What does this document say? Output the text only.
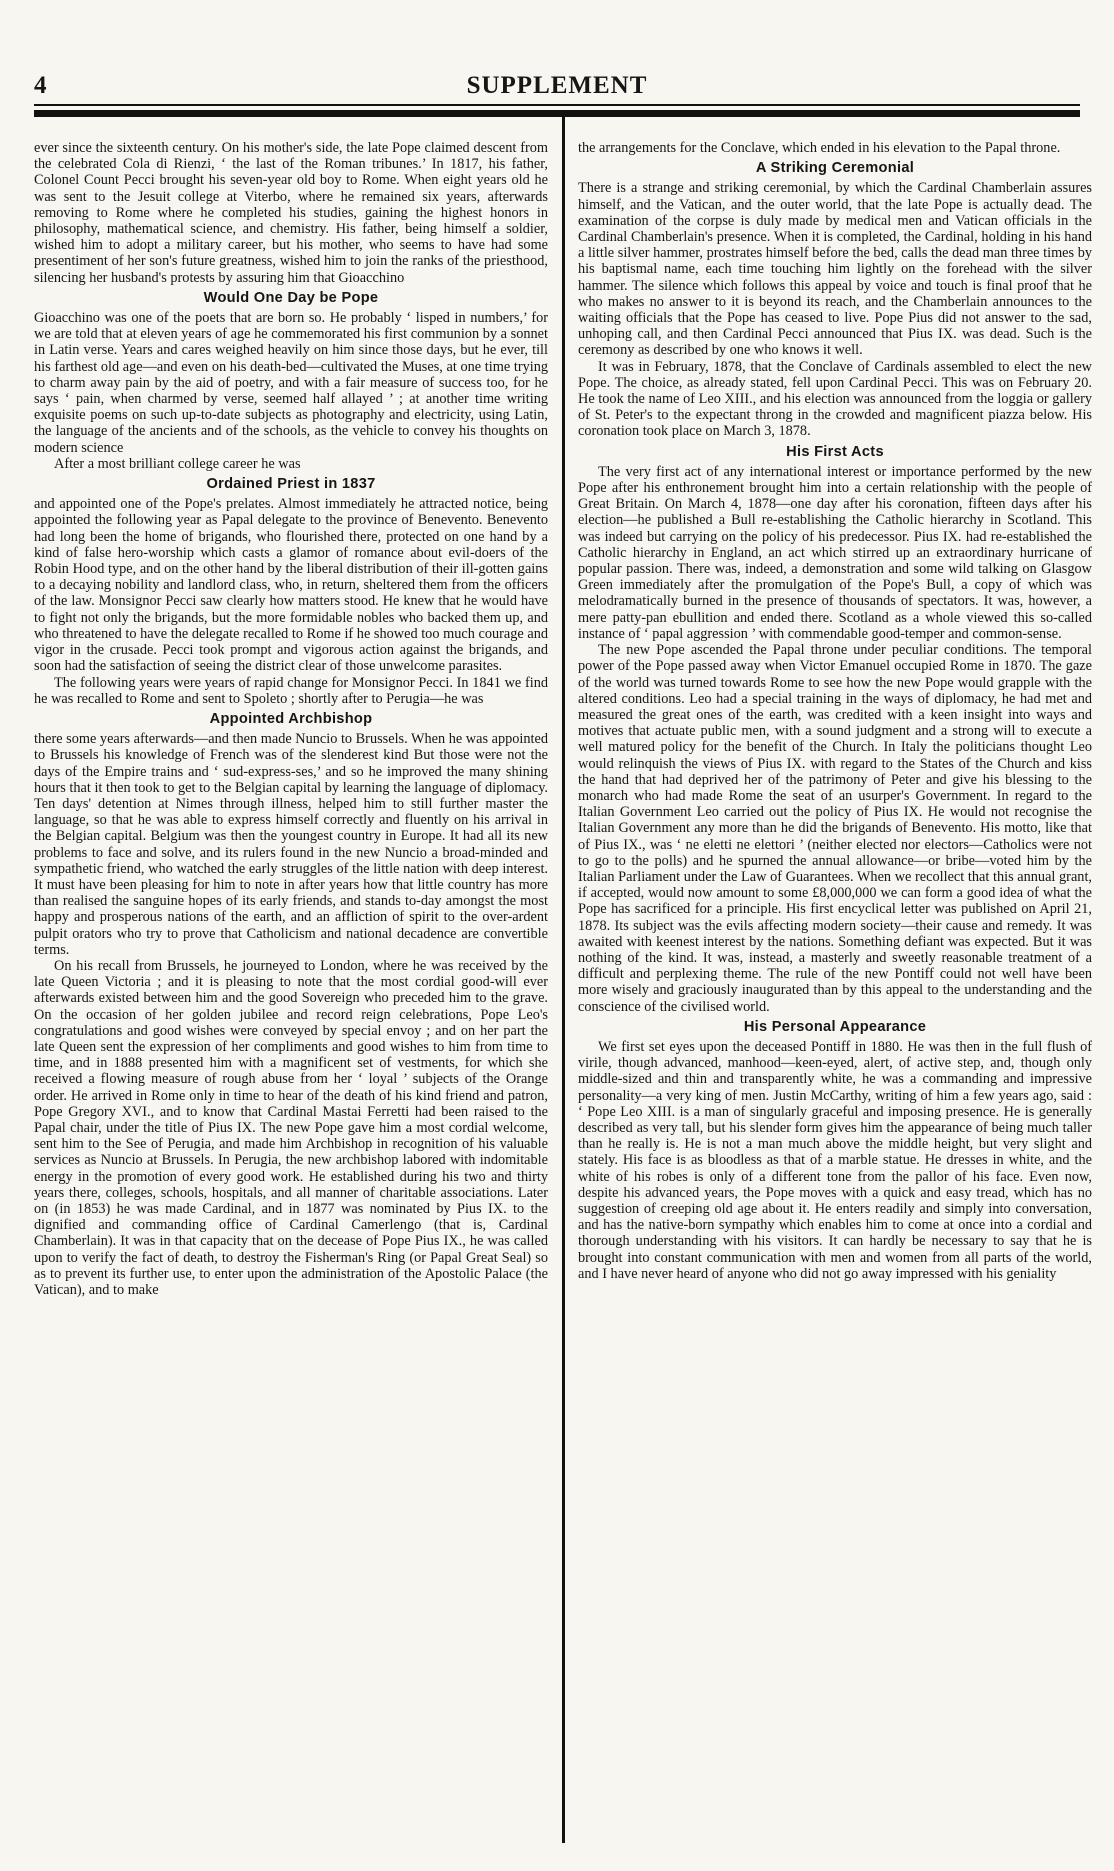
4	SUPPLEMENT

ever since the sixteenth century. On his mother's side, the late Pope claimed descent from the celebrated Cola di Rienzi, ‘ the last of the Roman tribunes.’ In 1817, his father, Colonel Count Pecci brought his seven-year old boy to Rome. When eight years old he was sent to the Jesuit college at Viterbo, where he remained six years, afterwards removing to Rome where he completed his studies, gaining the highest honors in philosophy, mathematical science, and chemistry. His father, being himself a soldier, wished him to adopt a military career, but his mother, who seems to have had some presentiment of her son's future greatness, wished him to join the ranks of the priesthood, silencing her husband's protests by assuring him that Gioacchino

Would One Day be Pope

Gioacchino was one of the poets that are born so. He probably ‘ lisped in numbers,’ for we are told that at eleven years of age he commemorated his first communion by a sonnet in Latin verse. Years and cares weighed heavily on him since those days, but he ever, till his farthest old age—and even on his death-bed—cultivated the Muses, at one time trying to charm away pain by the aid of poetry, and with a fair measure of success too, for he says ‘ pain, when charmed by verse, seemed half allayed ’ ; at another time writing exquisite poems on such up-to-date subjects as photography and electricity, using Latin, the language of the ancients and of the schools, as the vehicle to convey his thoughts on modern science

After a most brilliant college career he was

Ordained Priest in 1837

and appointed one of the Pope's prelates. Almost immediately he attracted notice, being appointed the following year as Papal delegate to the province of Benevento. Benevento had long been the home of brigands, who flourished there, protected on one hand by a kind of false hero-worship which casts a glamor of romance about evil-doers of the Robin Hood type, and on the other hand by the liberal distribution of their ill-gotten gains to a decaying nobility and landlord class, who, in return, sheltered them from the officers of the law. Monsignor Pecci saw clearly how matters stood. He knew that he would have to fight not only the brigands, but the more formidable nobles who backed them up, and who threatened to have the delegate recalled to Rome if he showed too much courage and vigor in the crusade. Pecci took prompt and vigorous action against the brigands, and soon had the satisfaction of seeing the district clear of those unwelcome parasites.

The following years were years of rapid change for Monsignor Pecci. In 1841 we find he was recalled to Rome and sent to Spoleto ; shortly after to Perugia—he was

Appointed Archbishop

there some years afterwards—and then made Nuncio to Brussels. When he was appointed to Brussels his knowledge of French was of the slenderest kind But those were not the days of the Empire trains and ‘ sud-express-ses,’ and so he improved the many shining hours that it then took to get to the Belgian capital by learning the language of diplomacy. Ten days' detention at Nimes through illness, helped him to still further master the language, so that he was able to express himself correctly and fluently on his arrival in the Belgian capital. Belgium was then the youngest country in Europe. It had all its new problems to face and solve, and its rulers found in the new Nuncio a broad-minded and sympathetic friend, who watched the early struggles of the little nation with deep interest. It must have been pleasing for him to note in after years how that little country has more than realised the sanguine hopes of its early friends, and stands to-day amongst the most happy and prosperous nations of the earth, and an affliction of spirit to the over-ardent pulpit orators who try to prove that Catholicism and national decadence are convertible terms.

On his recall from Brussels, he journeyed to London, where he was received by the late Queen Victoria ; and it is pleasing to note that the most cordial good-will ever afterwards existed between him and the good Sovereign who preceded him to the grave. On the occasion of her golden jubilee and record reign celebrations, Pope Leo's congratulations and good wishes were conveyed by special envoy ; and on her part the late Queen sent the expression of her compliments and good wishes to him from time to time, and in 1888 presented him with a magnificent set of vestments, for which she received a flowing measure of rough abuse from her ‘ loyal ’ subjects of the Orange order. He arrived in Rome only in time to hear of the death of his kind friend and patron, Pope Gregory XVI., and to know that Cardinal Mastai Ferretti had been raised to the Papal chair, under the title of Pius IX. The new Pope gave him a most cordial welcome, sent him to the See of Perugia, and made him Archbishop in recognition of his valuable services as Nuncio at Brussels. In Perugia, the new archbishop labored with indomitable energy in the promotion of every good work. He established during his two and thirty years there, colleges, schools, hospitals, and all manner of charitable associations. Later on (in 1853) he was made Cardinal, and in 1877 was nominated by Pius IX. to the dignified and commanding office of Cardinal Camerlengo (that is, Cardinal Chamberlain). It was in that capacity that on the decease of Pope Pius IX., he was called upon to verify the fact of death, to destroy the Fisherman's Ring (or Papal Great Seal) so as to prevent its further use, to enter upon the administration of the Apostolic Palace (the Vatican), and to make

the arrangements for the Conclave, which ended in his elevation to the Papal throne.

A Striking Ceremonial

There is a strange and striking ceremonial, by which the Cardinal Chamberlain assures himself, and the Vatican, and the outer world, that the late Pope is actually dead. The examination of the corpse is duly made by medical men and Vatican officials in the Cardinal Chamberlain's presence. When it is completed, the Cardinal, holding in his hand a little silver hammer, prostrates himself before the bed, calls the dead man three times by his baptismal name, each time touching him lightly on the forehead with the silver hammer. The silence which follows this appeal by voice and touch is final proof that he who makes no answer to it is beyond its reach, and the Chamberlain announces to the waiting officials that the Pope has ceased to live. Pope Pius did not answer to the sad, unhoping call, and then Cardinal Pecci announced that Pius IX. was dead. Such is the ceremony as described by one who knows it well.

It was in February, 1878, that the Conclave of Cardinals assembled to elect the new Pope. The choice, as already stated, fell upon Cardinal Pecci. This was on February 20. He took the name of Leo XIII., and his election was announced from the loggia or gallery of St. Peter's to the expectant throng in the crowded and magnificent piazza below. His coronation took place on March 3, 1878.

His First Acts

The very first act of any international interest or importance performed by the new Pope after his enthronement brought him into a certain relationship with the people of Great Britain. On March 4, 1878—one day after his coronation, fifteen days after his election—he published a Bull re-establishing the Catholic hierarchy in Scotland. This was indeed but carrying on the policy of his predecessor. Pius IX. had re-established the Catholic hierarchy in England, an act which stirred up an extraordinary hurricane of popular passion. There was, indeed, a demonstration and some wild talking on Glasgow Green immediately after the promulgation of the Pope's Bull, a copy of which was melodramatically burned in the presence of thousands of spectators. It was, however, a mere patty-pan ebullition and ended there. Scotland as a whole viewed this so-called instance of ‘ papal aggression ’ with commendable good-temper and common-sense.

The new Pope ascended the Papal throne under peculiar conditions. The temporal power of the Pope passed away when Victor Emanuel occupied Rome in 1870. The gaze of the world was turned towards Rome to see how the new Pope would grapple with the altered conditions. Leo had a special training in the ways of diplomacy, he had met and measured the great ones of the earth, was credited with a keen insight into ways and motives that actuate public men, with a sound judgment and a strong will to execute a well matured policy for the benefit of the Church. In Italy the politicians thought Leo would relinquish the views of Pius IX. with regard to the States of the Church and kiss the hand that had deprived her of the patrimony of Peter and give his blessing to the monarch who had made Rome the seat of an usurper's Government. In regard to the Italian Government Leo carried out the policy of Pius IX. He would not recognise the Italian Government any more than he did the brigands of Benevento. His motto, like that of Pius IX., was ‘ ne eletti ne elettori ’ (neither elected nor electors—Catholics were not to go to the polls) and he spurned the annual allowance—or bribe—voted him by the Italian Parliament under the Law of Guarantees. When we recollect that this annual grant, if accepted, would now amount to some £8,000,000 we can form a good idea of what the Pope has sacrificed for a principle. His first encyclical letter was published on April 21, 1878. Its subject was the evils affecting modern society—their cause and remedy. It was awaited with keenest interest by the nations. Something defiant was expected. But it was nothing of the kind. It was, instead, a masterly and sweetly reasonable treatment of a difficult and perplexing theme. The rule of the new Pontiff could not well have been more wisely and graciously inaugurated than by this appeal to the understanding and the conscience of the civilised world.

His Personal Appearance

We first set eyes upon the deceased Pontiff in 1880. He was then in the full flush of virile, though advanced, manhood—keen-eyed, alert, of active step, and, though only middle-sized and thin and transparently white, he was a commanding and impressive personality—a very king of men. Justin McCarthy, writing of him a few years ago, said : ‘ Pope Leo XIII. is a man of singularly graceful and imposing presence. He is generally described as very tall, but his slender form gives him the appearance of being much taller than he really is. He is not a man much above the middle height, but very slight and stately. His face is as bloodless as that of a marble statue. He dresses in white, and the white of his robes is only of a different tone from the pallor of his face. Even now, despite his advanced years, the Pope moves with a quick and easy tread, which has no suggestion of creeping old age about it. He enters readily and simply into conversation, and has the native-born sympathy which enables him to come at once into a cordial and thorough understanding with his visitors. It can hardly be necessary to say that he is brought into constant communication with men and women from all parts of the world, and I have never heard of anyone who did not go away impressed with his geniality
